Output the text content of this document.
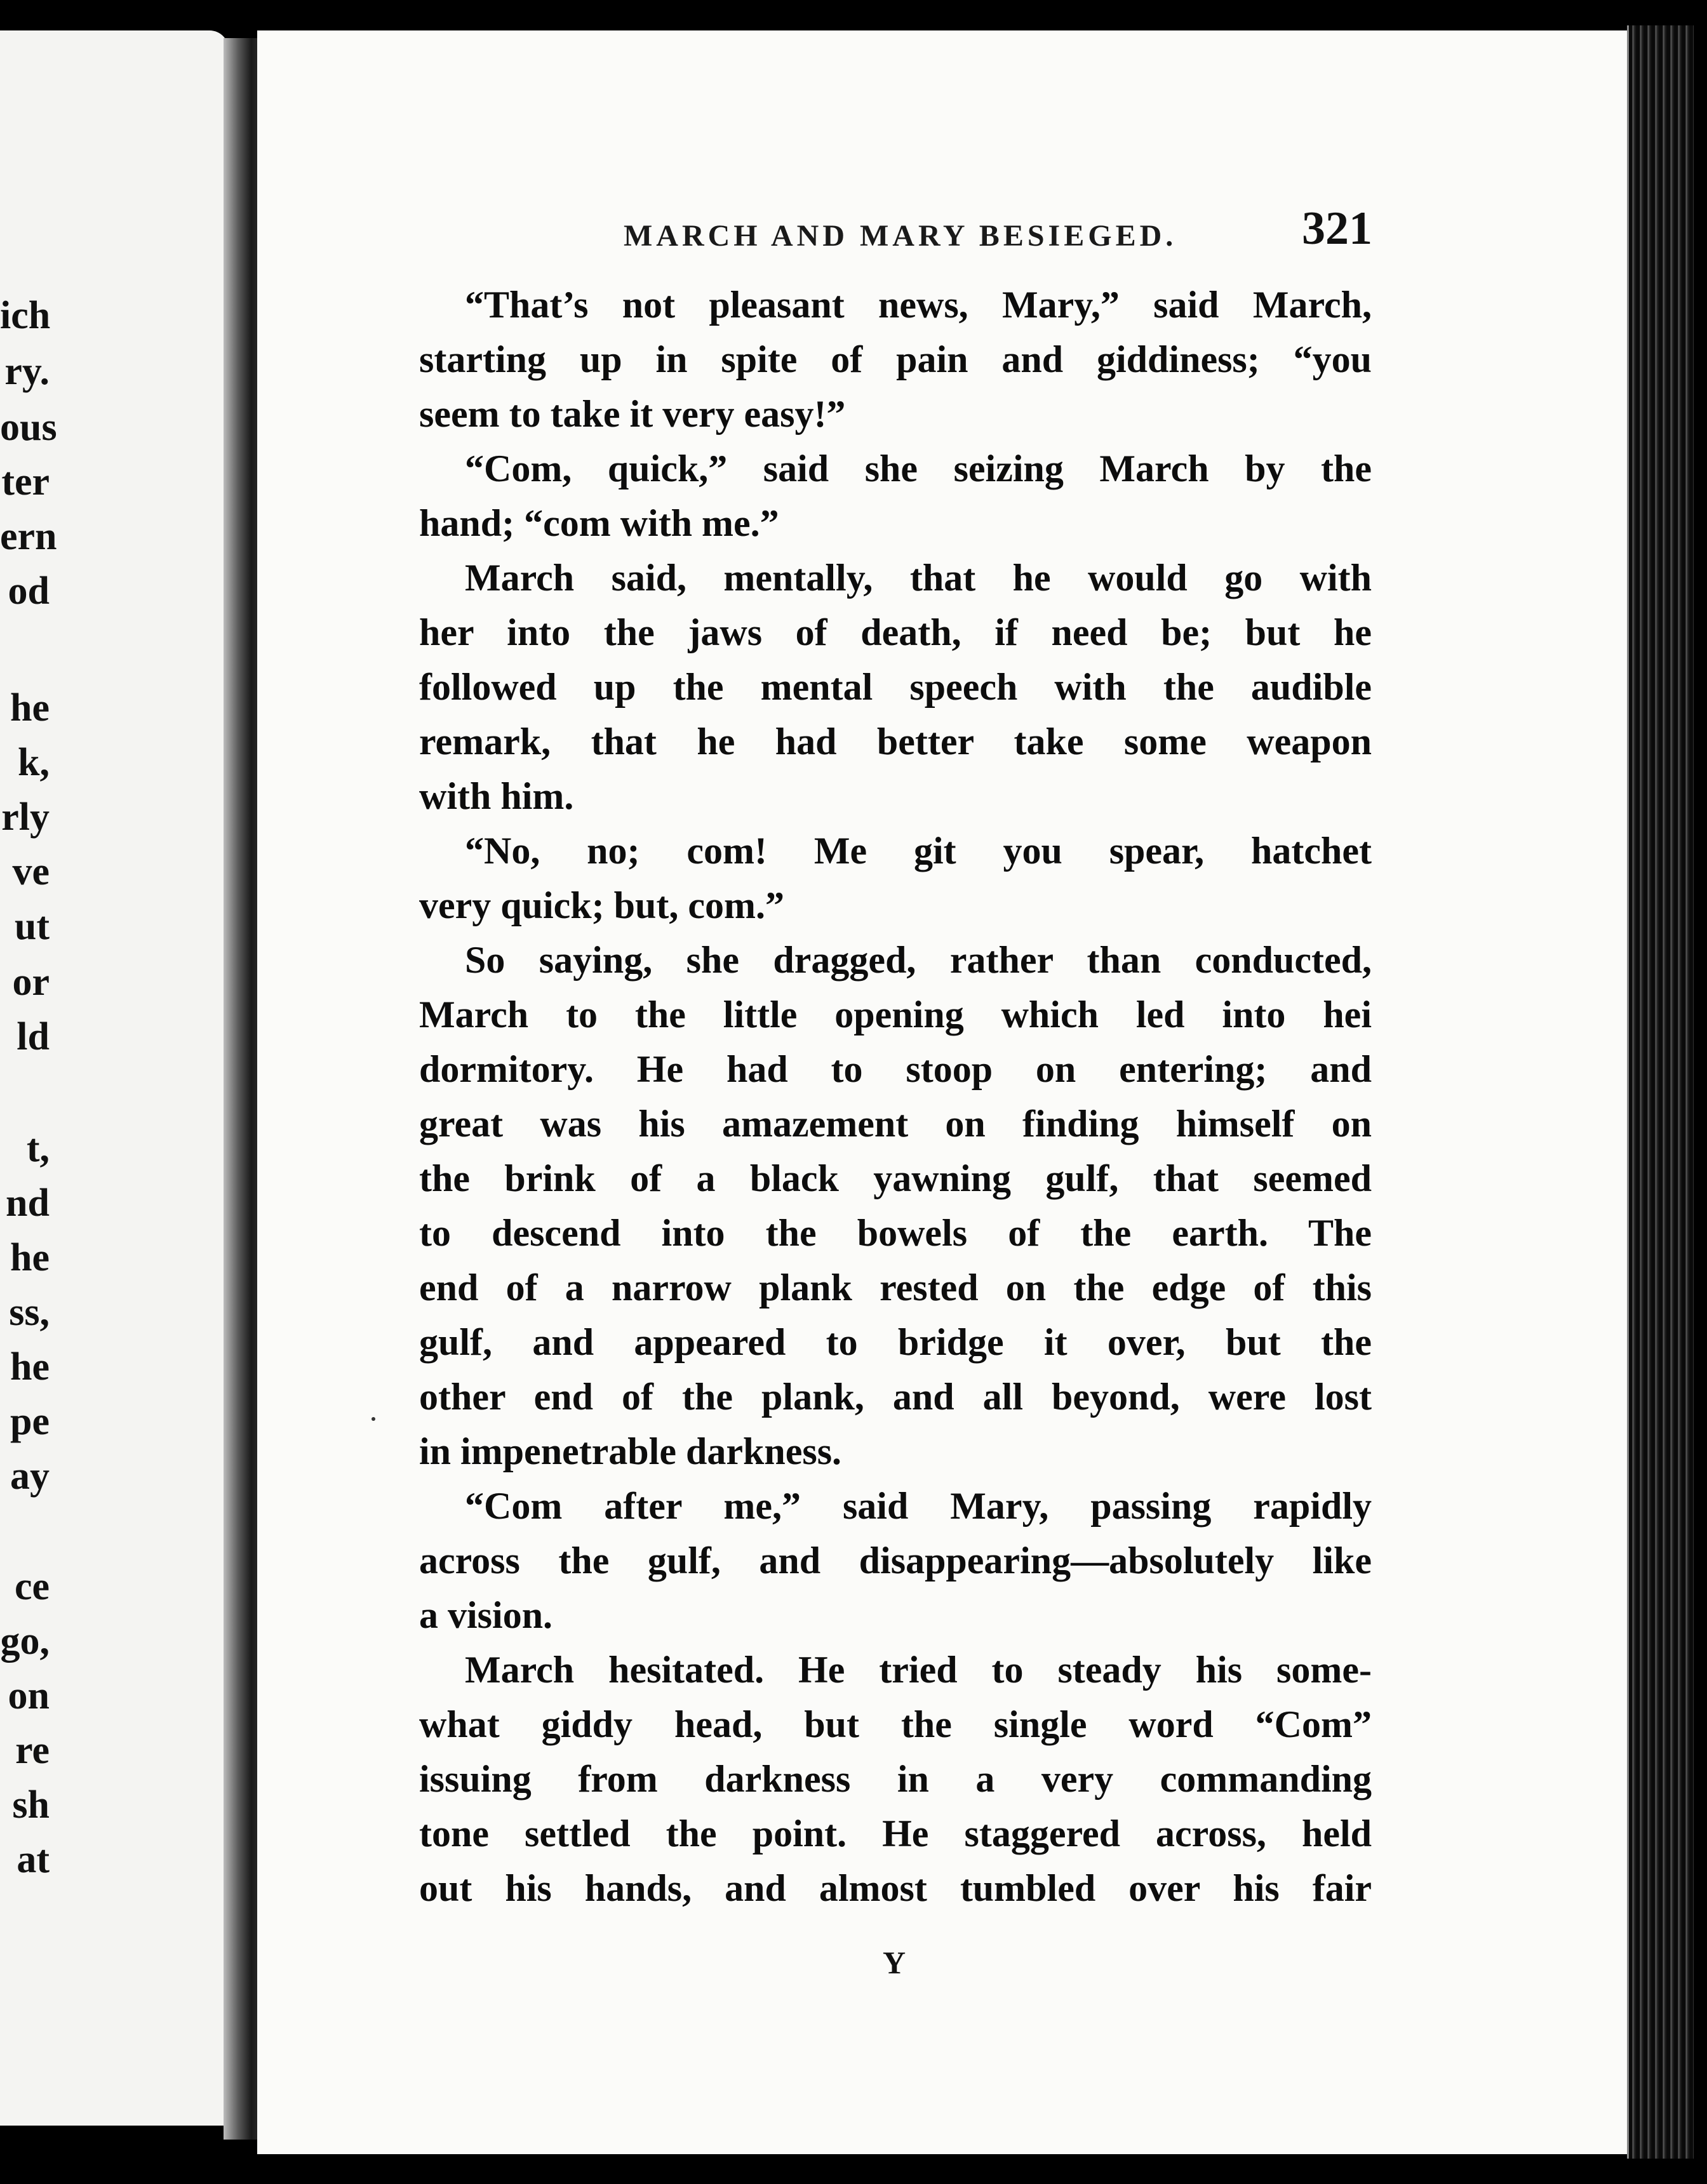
ich
ry.
ous
ter
ern
od
he
k,
rly
ve
ut
or
ld
t,
nd
he
ss,
he
pe
ay
ce
go,
on
re
sh
at
MARCH AND MARY BESIEGED.	321
“That’s not pleasant news, Mary,” said March,
starting up in spite of pain and giddiness; “you
seem to take it very easy!”
“Com, quick,” said she seizing March by the
hand; “com with me.”
March said, mentally, that he would go with
her into the jaws of death, if need be; but he
followed up the mental speech with the audible
remark, that he had better take some weapon
with him.
“No, no; com! Me git you spear, hatchet
very quick; but, com.”
So saying, she dragged, rather than conducted,
March to the little opening which led into hei
dormitory. He had to stoop on entering; and
great was his amazement on finding himself on
the brink of a black yawning gulf, that seemed
to descend into the bowels of the earth. The
end of a narrow plank rested on the edge of this
gulf, and appeared to bridge it over, but the
other end of the plank, and all beyond, were lost
in impenetrable darkness.
“Com after me,” said Mary, passing rapidly
across the gulf, and disappearing—absolutely like
a vision.
March hesitated. He tried to steady his some-
what giddy head, but the single word “Com”
issuing from darkness in a very commanding
tone settled the point. He staggered across, held
out his hands, and almost tumbled over his fair
Y
